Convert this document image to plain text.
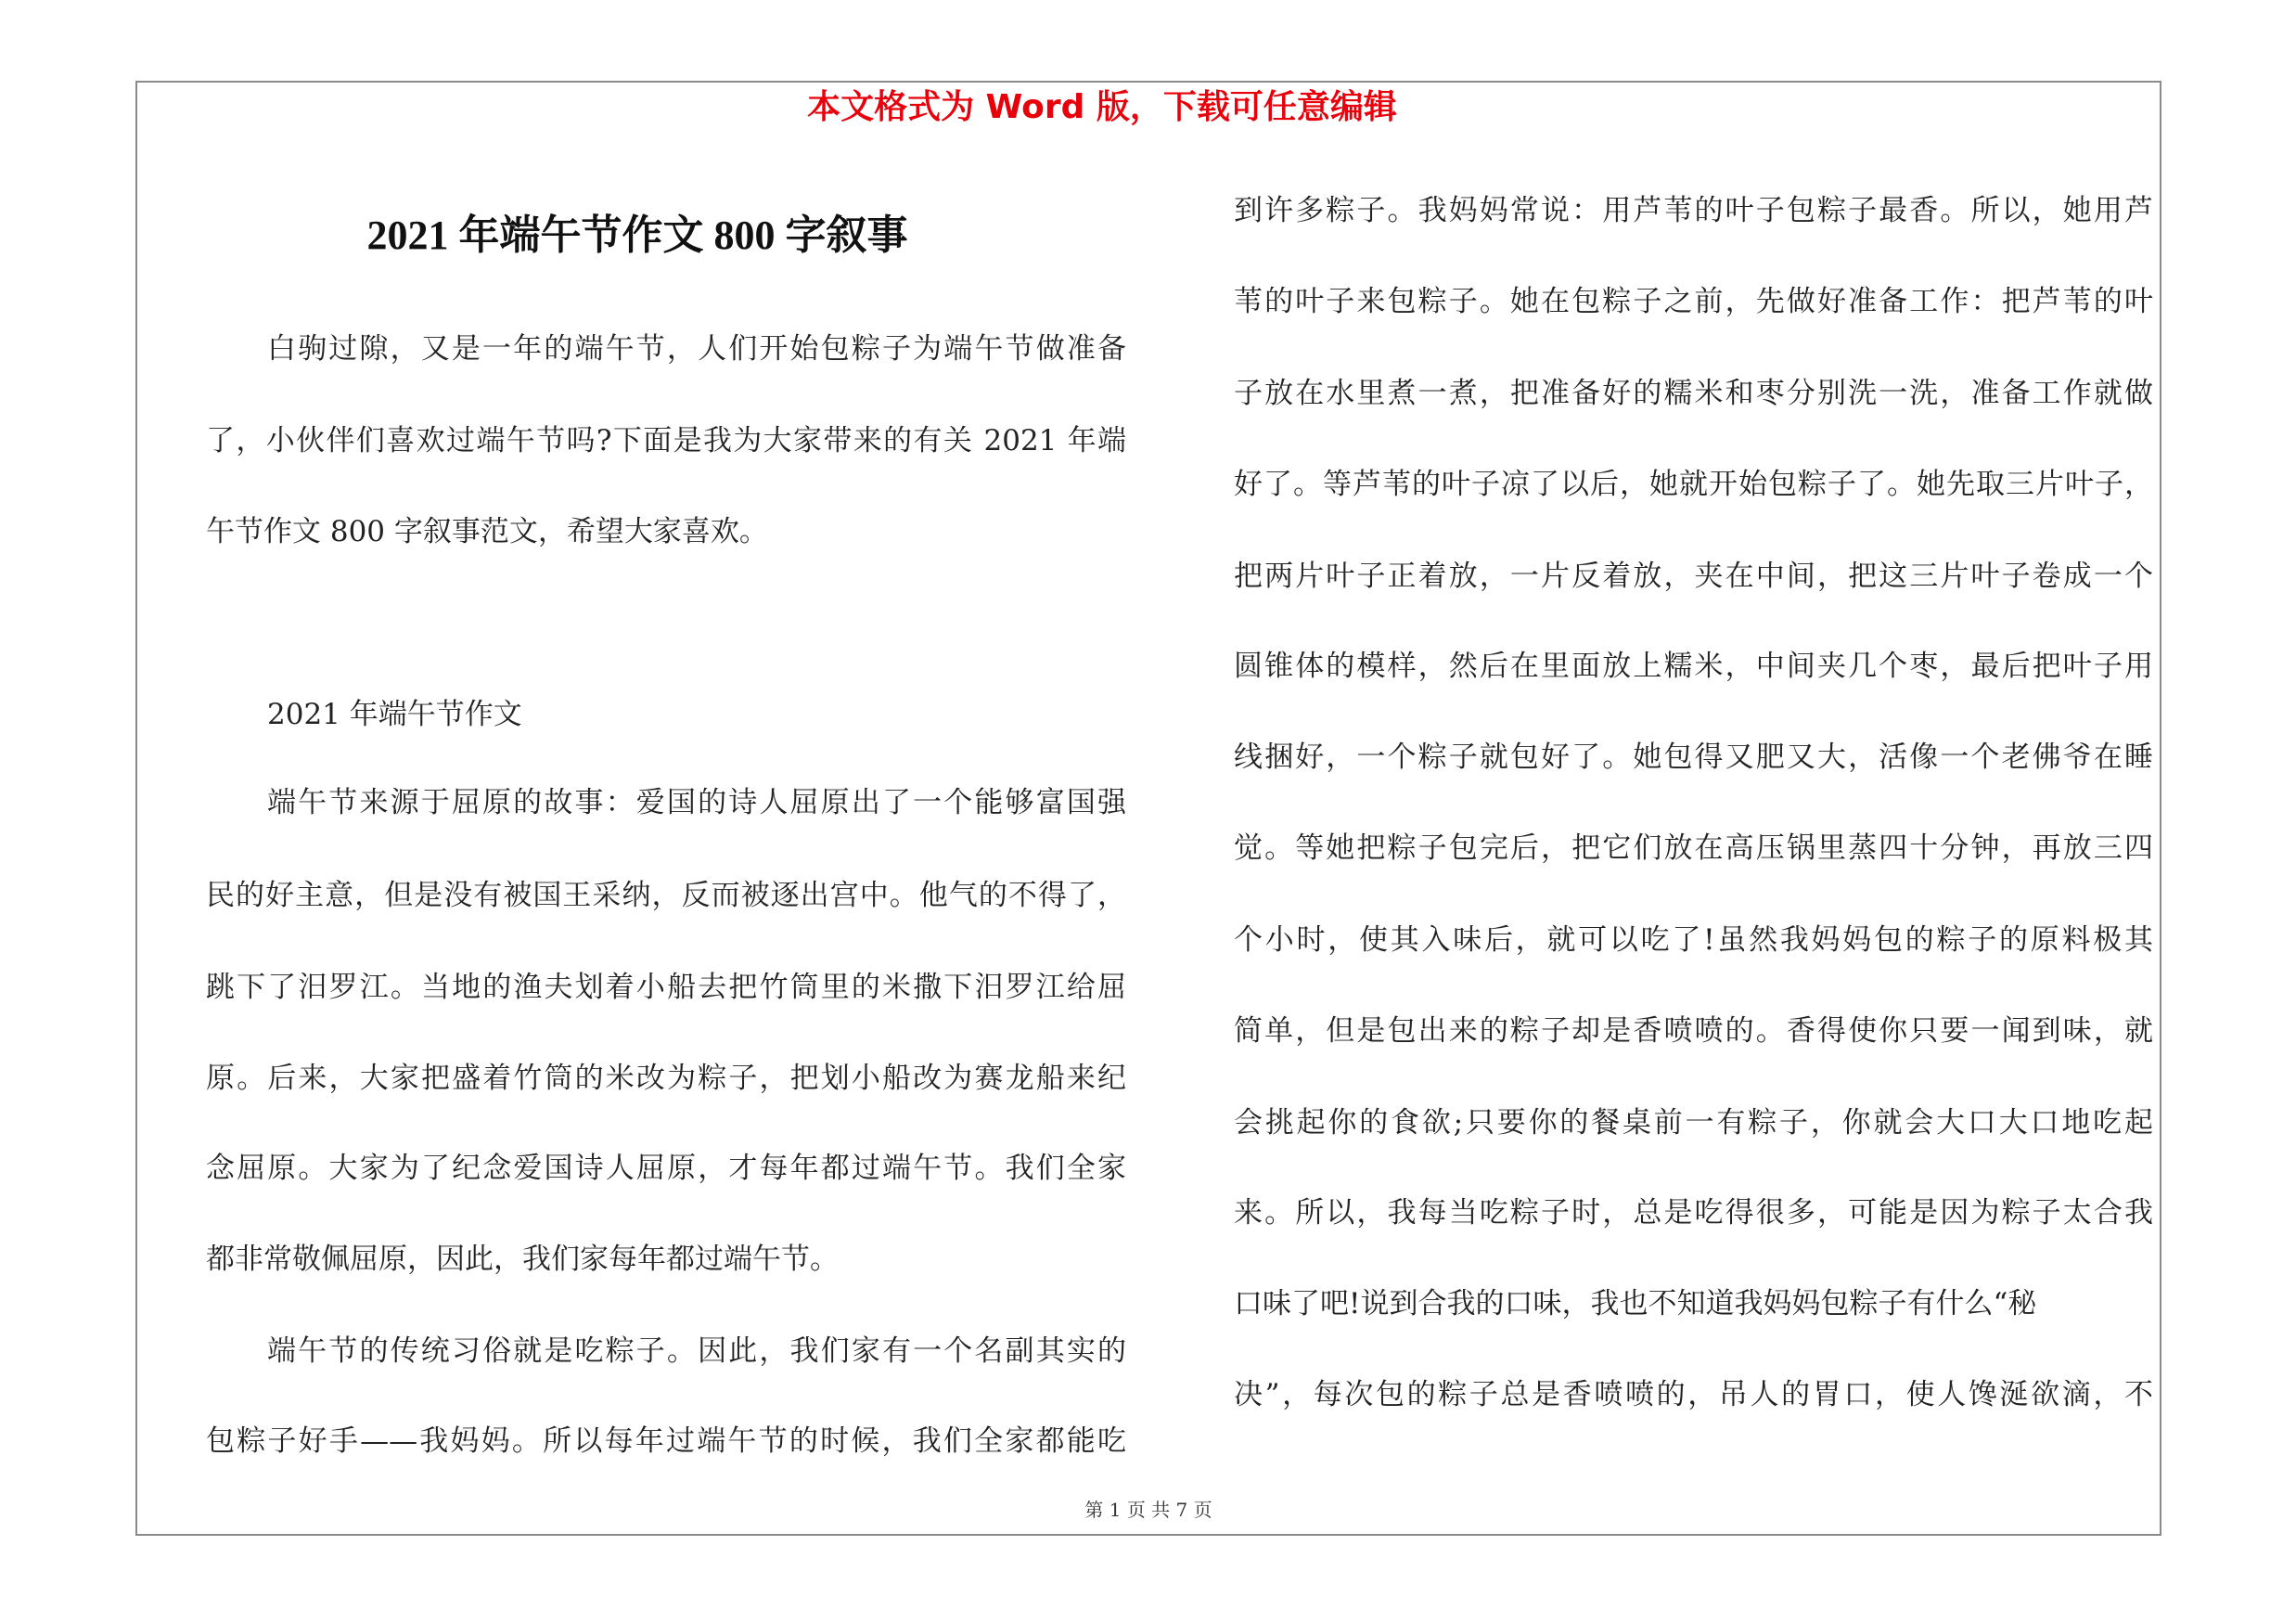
本文格式为 Word 版，下载可任意编辑
2021 年端午节作文 800 字叙事
白驹过隙，又是一年的端午节，人们开始包粽子为端午节做准备
了，小伙伴们喜欢过端午节吗?下面是我为大家带来的有关 2021 年端
午节作文 800 字叙事范文，希望大家喜欢。
2021 年端午节作文
端午节来源于屈原的故事：爱国的诗人屈原出了一个能够富国强
民的好主意，但是没有被国王采纳，反而被逐出宫中。他气的不得了，
跳下了汨罗江。当地的渔夫划着小船去把竹筒里的米撒下汨罗江给屈
原。后来，大家把盛着竹筒的米改为粽子，把划小船改为赛龙船来纪
念屈原。大家为了纪念爱国诗人屈原，才每年都过端午节。我们全家
都非常敬佩屈原，因此，我们家每年都过端午节。
端午节的传统习俗就是吃粽子。因此，我们家有一个名副其实的
包粽子好手——我妈妈。所以每年过端午节的时候，我们全家都能吃
到许多粽子。我妈妈常说：用芦苇的叶子包粽子最香。所以，她用芦
苇的叶子来包粽子。她在包粽子之前，先做好准备工作：把芦苇的叶
子放在水里煮一煮，把准备好的糯米和枣分别洗一洗，准备工作就做
好了。等芦苇的叶子凉了以后，她就开始包粽子了。她先取三片叶子，
把两片叶子正着放，一片反着放，夹在中间，把这三片叶子卷成一个
圆锥体的模样，然后在里面放上糯米，中间夹几个枣，最后把叶子用
线捆好，一个粽子就包好了。她包得又肥又大，活像一个老佛爷在睡
觉。等她把粽子包完后，把它们放在高压锅里蒸四十分钟，再放三四
个小时，使其入味后，就可以吃了!虽然我妈妈包的粽子的原料极其
简单，但是包出来的粽子却是香喷喷的。香得使你只要一闻到味，就
会挑起你的食欲;只要你的餐桌前一有粽子，你就会大口大口地吃起
来。所以，我每当吃粽子时，总是吃得很多，可能是因为粽子太合我
口味了吧!说到合我的口味，我也不知道我妈妈包粽子有什么“秘
决”，每次包的粽子总是香喷喷的，吊人的胃口，使人馋涎欲滴，不
第 1 页 共 7 页
